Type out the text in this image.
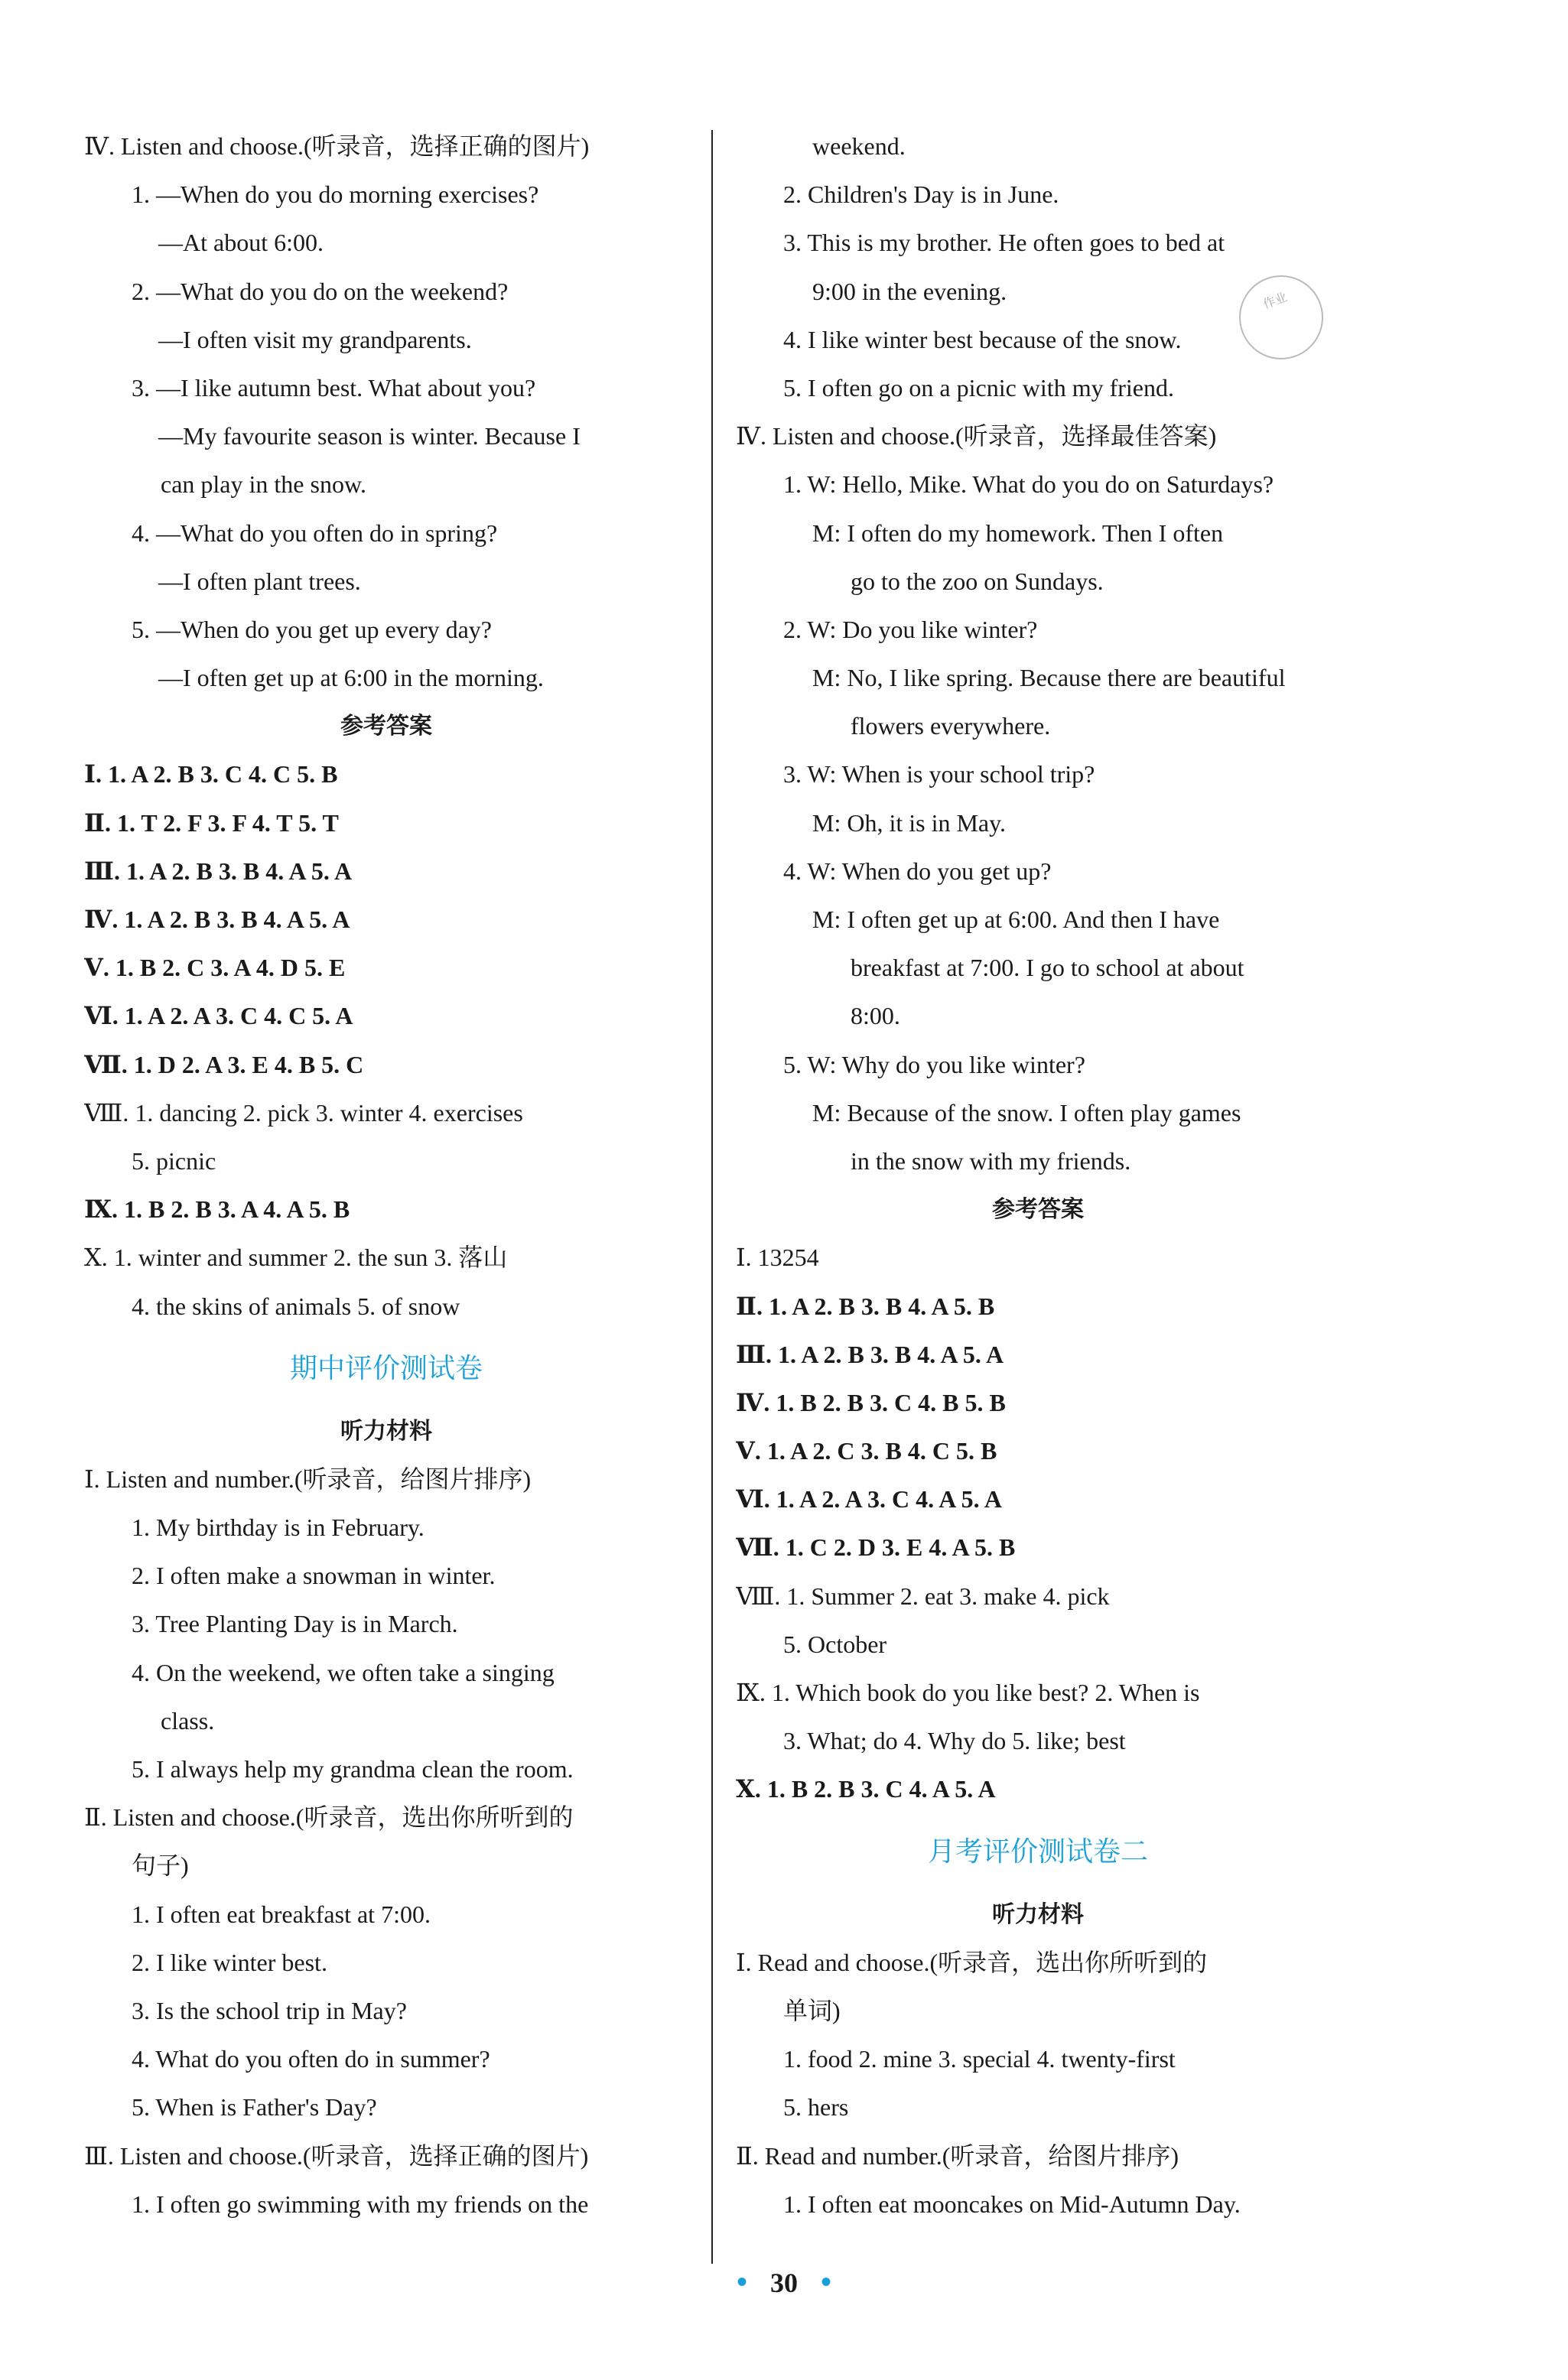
Ⅳ. Listen and choose.(听录音，选择正确的图片)
1. —When do you do morning exercises?
—At about 6:00.
2. —What do you do on the weekend?
—I often visit my grandparents.
3. —I like autumn best. What about you?
—My favourite season is winter. Because I
can play in the snow.
4. —What do you often do in spring?
—I often plant trees.
5. —When do you get up every day?
—I often get up at 6:00 in the morning.
参考答案
Ⅰ. 1. A 2. B 3. C 4. C 5. B
Ⅱ. 1. T 2. F 3. F 4. T 5. T
Ⅲ. 1. A 2. B 3. B 4. A 5. A
Ⅳ. 1. A 2. B 3. B 4. A 5. A
Ⅴ. 1. B 2. C 3. A 4. D 5. E
Ⅵ. 1. A 2. A 3. C 4. C 5. A
Ⅶ. 1. D 2. A 3. E 4. B 5. C
Ⅷ. 1. dancing 2. pick 3. winter 4. exercises
5. picnic
Ⅸ. 1. B 2. B 3. A 4. A 5. B
Ⅹ. 1. winter and summer 2. the sun 3. 落山
4. the skins of animals 5. of snow
期中评价测试卷
听力材料
Ⅰ. Listen and number.(听录音，给图片排序)
1. My birthday is in February.
2. I often make a snowman in winter.
3. Tree Planting Day is in March.
4. On the weekend, we often take a singing
class.
5. I always help my grandma clean the room.
Ⅱ. Listen and choose.(听录音，选出你所听到的
句子)
1. I often eat breakfast at 7:00.
2. I like winter best.
3. Is the school trip in May?
4. What do you often do in summer?
5. When is Father's Day?
Ⅲ. Listen and choose.(听录音，选择正确的图片)
1. I often go swimming with my friends on the
weekend.
2. Children's Day is in June.
3. This is my brother. He often goes to bed at
9:00 in the evening.
4. I like winter best because of the snow.
5. I often go on a picnic with my friend.
Ⅳ. Listen and choose.(听录音，选择最佳答案)
1. W: Hello, Mike. What do you do on Saturdays?
M: I often do my homework. Then I often
go to the zoo on Sundays.
2. W: Do you like winter?
M: No, I like spring. Because there are beautiful
flowers everywhere.
3. W: When is your school trip?
M: Oh, it is in May.
4. W: When do you get up?
M: I often get up at 6:00. And then I have
breakfast at 7:00. I go to school at about
8:00.
5. W: Why do you like winter?
M: Because of the snow. I often play games
in the snow with my friends.
参考答案
Ⅰ. 13254
Ⅱ. 1. A 2. B 3. B 4. A 5. B
Ⅲ. 1. A 2. B 3. B 4. A 5. A
Ⅳ. 1. B 2. B 3. C 4. B 5. B
Ⅴ. 1. A 2. C 3. B 4. C 5. B
Ⅵ. 1. A 2. A 3. C 4. A 5. A
Ⅶ. 1. C 2. D 3. E 4. A 5. B
Ⅷ. 1. Summer 2. eat 3. make 4. pick
5. October
Ⅸ. 1. Which book do you like best? 2. When is
3. What; do 4. Why do 5. like; best
Ⅹ. 1. B 2. B 3. C 4. A 5. A
月考评价测试卷二
听力材料
Ⅰ. Read and choose.(听录音，选出你所听到的
单词)
1. food 2. mine 3. special 4. twenty-first
5. hers
Ⅱ. Read and number.(听录音，给图片排序)
1. I often eat mooncakes on Mid-Autumn Day.
作业
• 30 •
